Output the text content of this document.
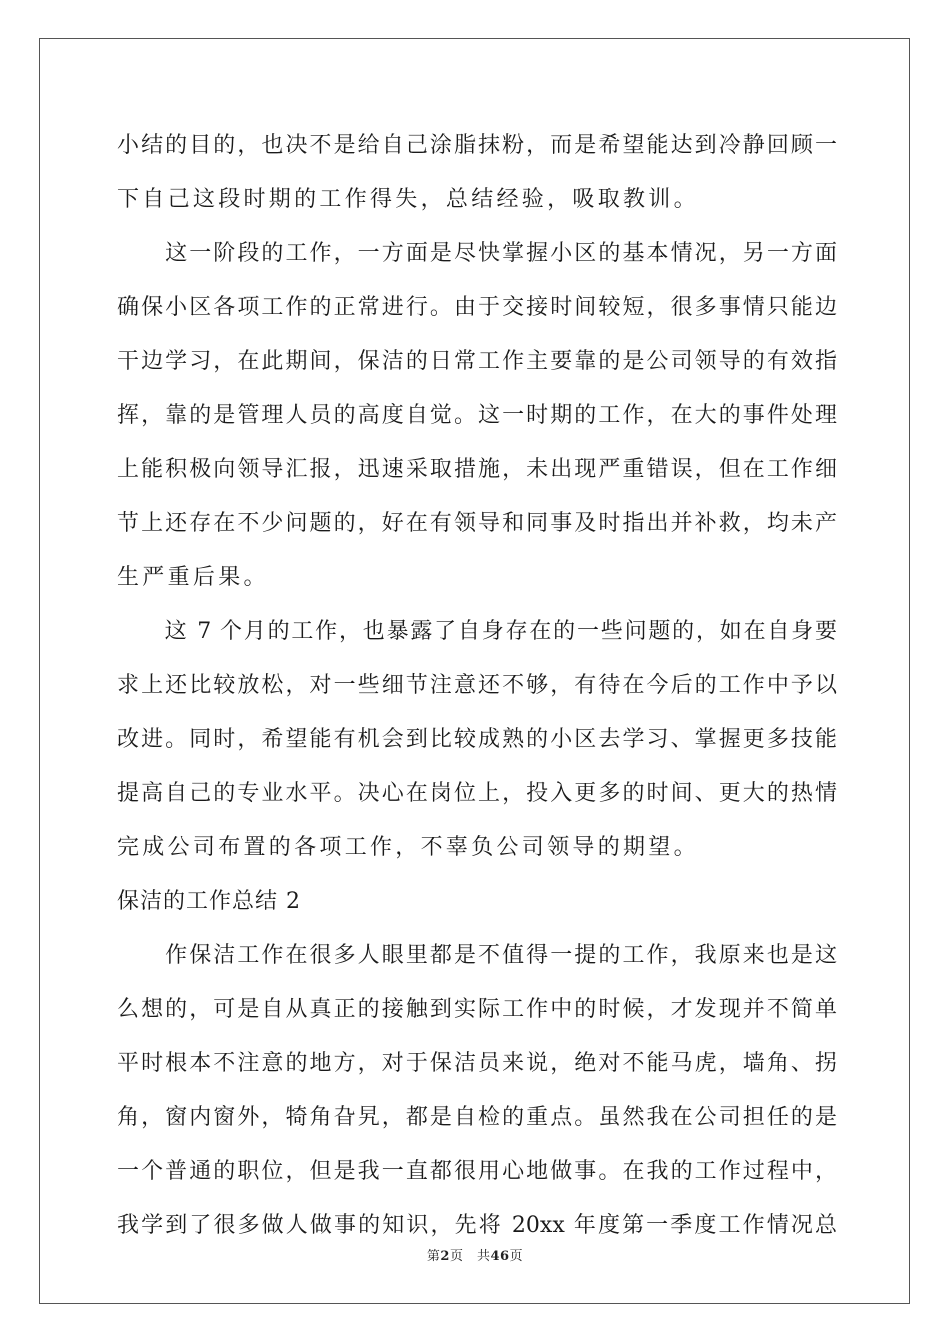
小结的目的，也决不是给自己涂脂抹粉，而是希望能达到冷静回顾一
下自己这段时期的工作得失，总结经验，吸取教训。
　　这一阶段的工作，一方面是尽快掌握小区的基本情况，另一方面
确保小区各项工作的正常进行。由于交接时间较短，很多事情只能边
干边学习，在此期间，保洁的日常工作主要靠的是公司领导的有效指
挥，靠的是管理人员的高度自觉。这一时期的工作，在大的事件处理
上能积极向领导汇报，迅速采取措施，未出现严重错误，但在工作细
节上还存在不少问题的，好在有领导和同事及时指出并补救，均未产
生严重后果。
　　这 7 个月的工作，也暴露了自身存在的一些问题的，如在自身要
求上还比较放松，对一些细节注意还不够，有待在今后的工作中予以
改进。同时，希望能有机会到比较成熟的小区去学习、掌握更多技能
提高自己的专业水平。决心在岗位上，投入更多的时间、更大的热情
完成公司布置的各项工作，不辜负公司领导的期望。
保洁的工作总结 2
　　作保洁工作在很多人眼里都是不值得一提的工作，我原来也是这
么想的，可是自从真正的接触到实际工作中的时候，才发现并不简单
平时根本不注意的地方，对于保洁员来说，绝对不能马虎，墙角、拐
角，窗内窗外，犄角旮旯，都是自检的重点。虽然我在公司担任的是
一个普通的职位，但是我一直都很用心地做事。在我的工作过程中，
我学到了很多做人做事的知识，先将 20xx 年度第一季度工作情况总
第2页　共46页
